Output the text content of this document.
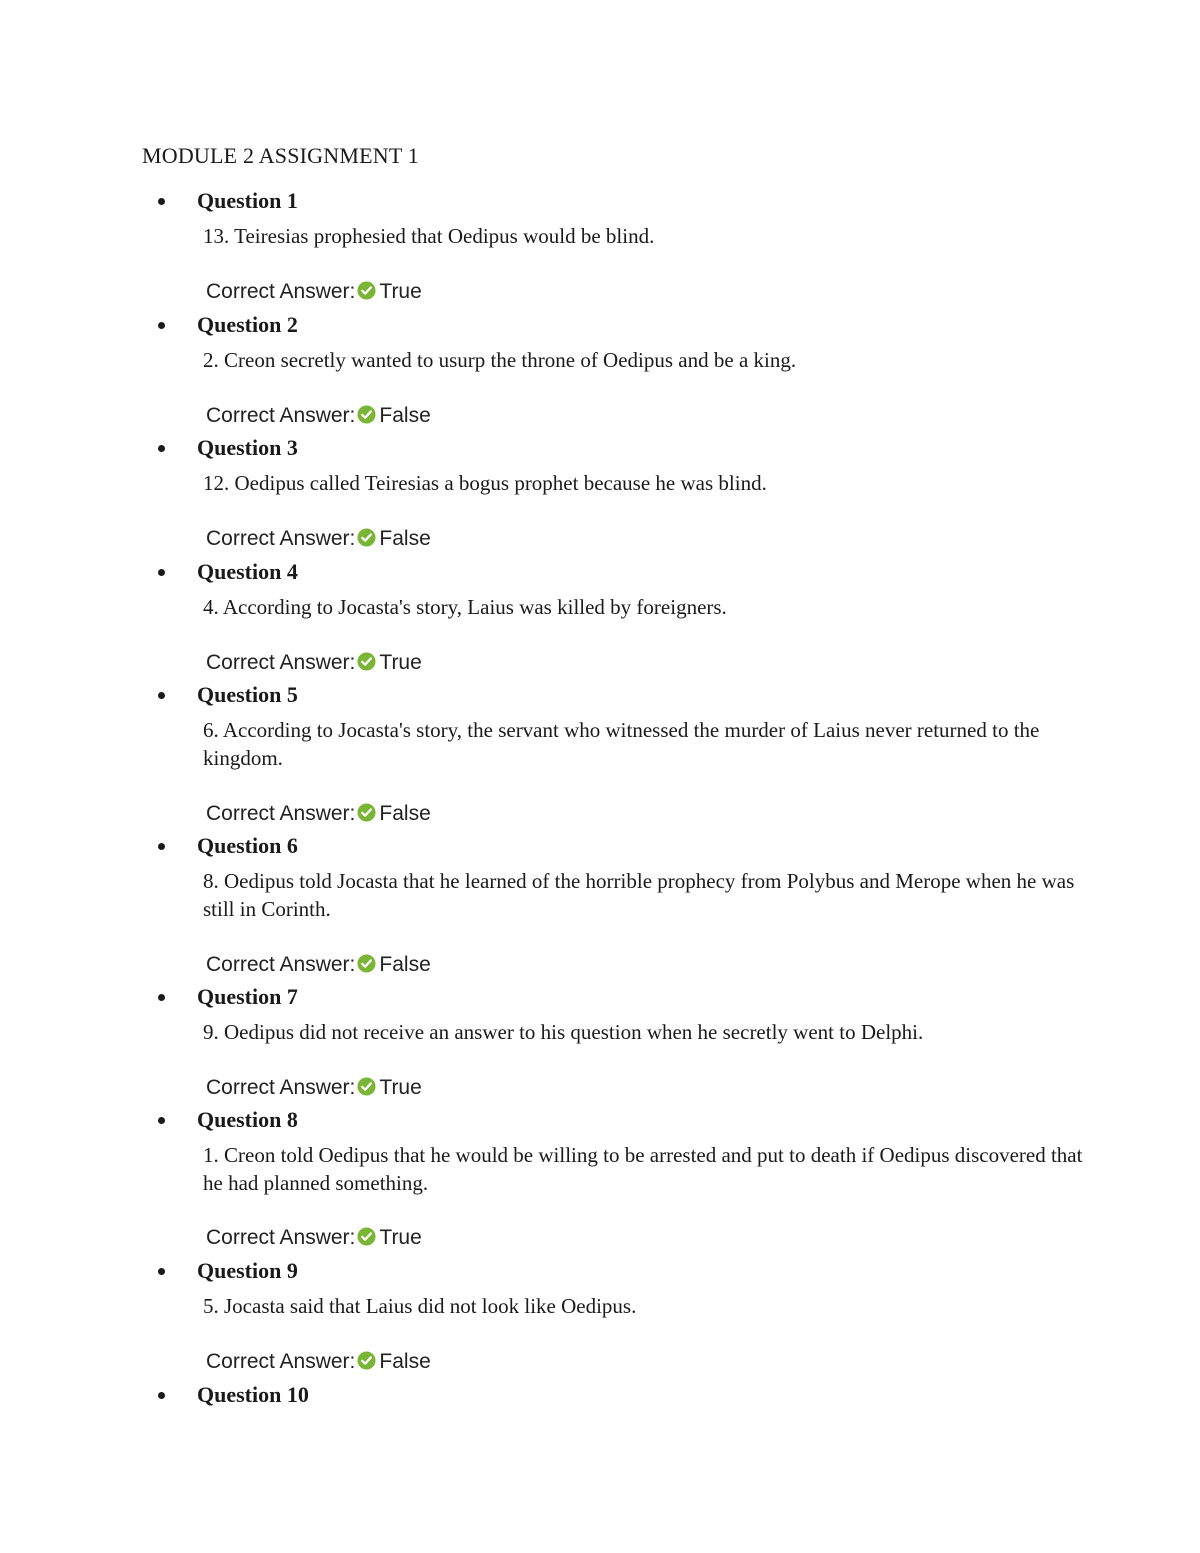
MODULE 2 ASSIGNMENT 1
Question 1
13. Teiresias prophesied that Oedipus would be blind.
Correct Answer: True
Question 2
2. Creon secretly wanted to usurp the throne of Oedipus and be a king.
Correct Answer: False
Question 3
12. Oedipus called Teiresias a bogus prophet because he was blind.
Correct Answer: False
Question 4
4. According to Jocasta's story, Laius was killed by foreigners.
Correct Answer: True
Question 5
6. According to Jocasta's story, the servant who witnessed the murder of Laius never returned to the kingdom.
Correct Answer: False
Question 6
8. Oedipus told Jocasta that he learned of the horrible prophecy from Polybus and Merope when he was still in Corinth.
Correct Answer: False
Question 7
9. Oedipus did not receive an answer to his question when he secretly went to Delphi.
Correct Answer: True
Question 8
1. Creon told Oedipus that he would be willing to be arrested and put to death if Oedipus discovered that he had planned something.
Correct Answer: True
Question 9
5. Jocasta said that Laius did not look like Oedipus.
Correct Answer: False
Question 10
